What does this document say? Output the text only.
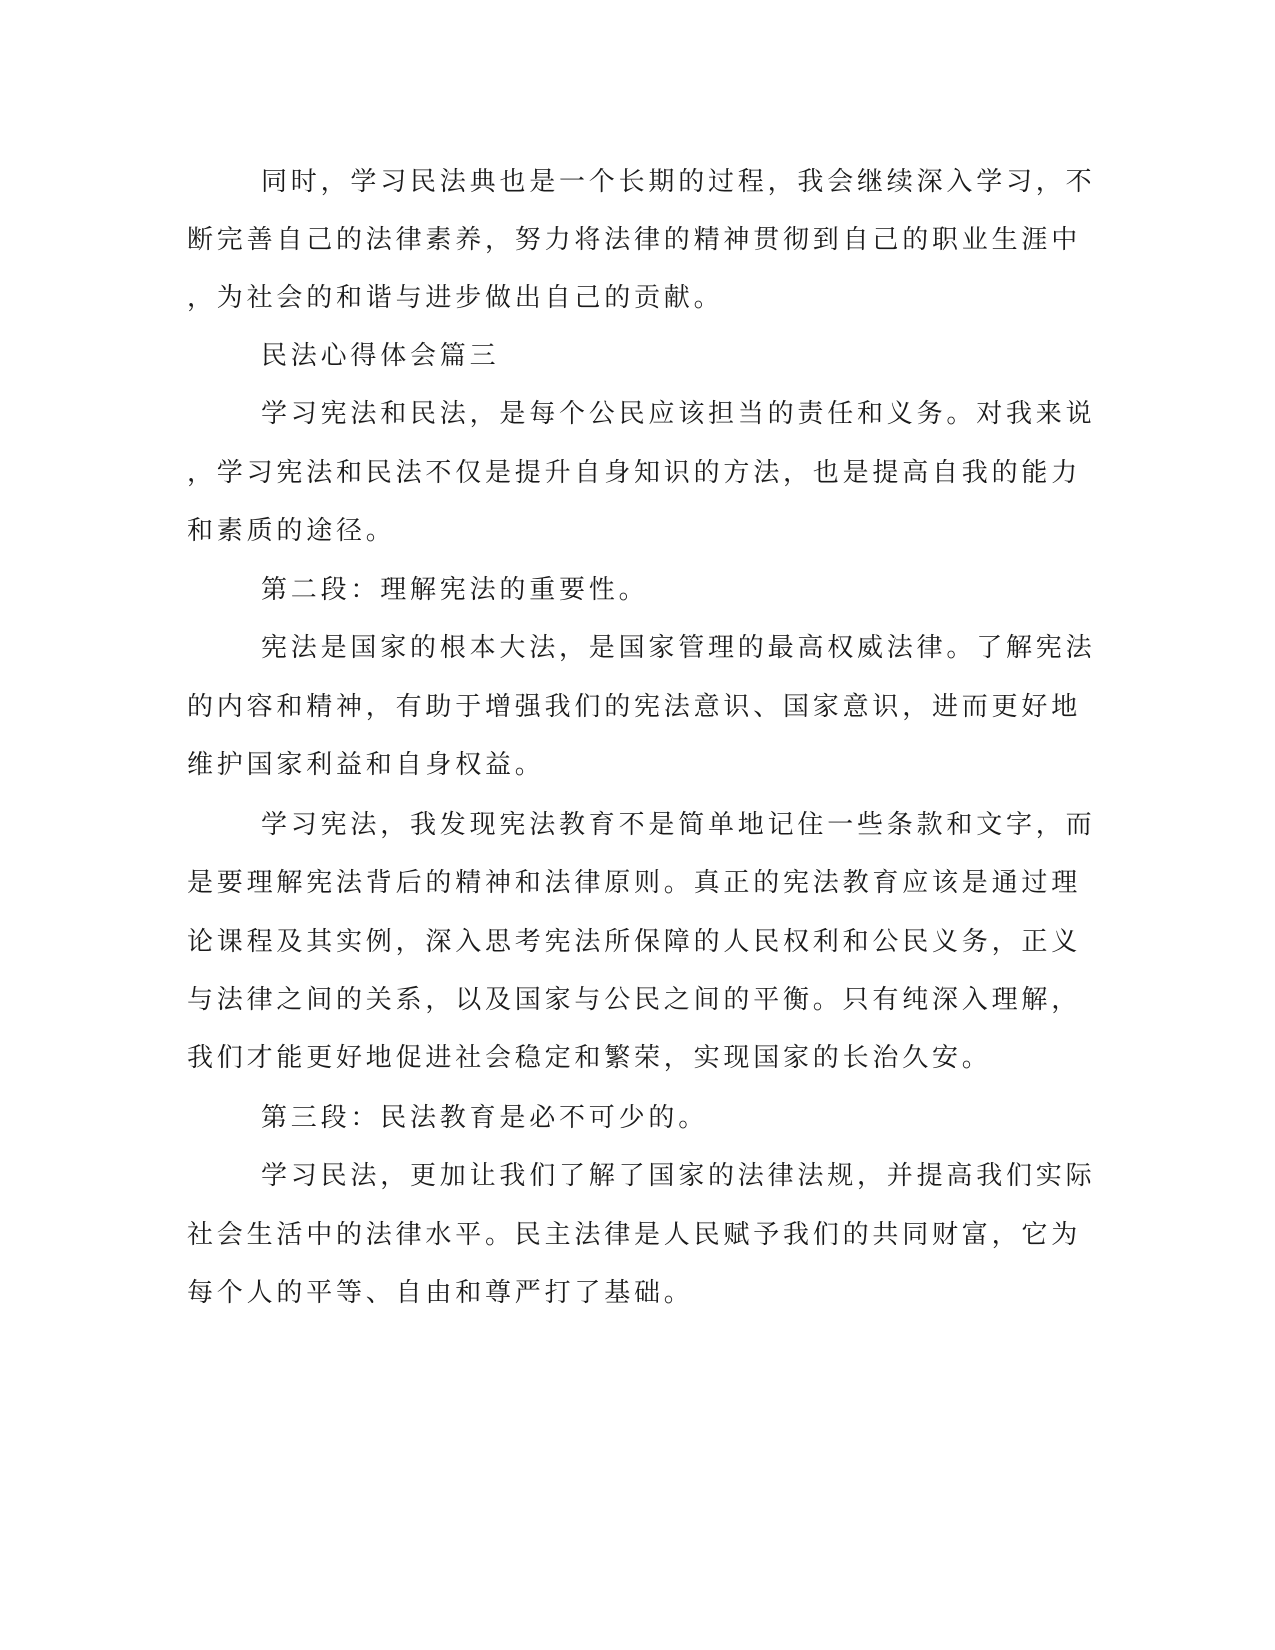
同时，学习民法典也是一个长期的过程，我会继续深入学习，不
断完善自己的法律素养，努力将法律的精神贯彻到自己的职业生涯中
，为社会的和谐与进步做出自己的贡献。
民法心得体会篇三
学习宪法和民法，是每个公民应该担当的责任和义务。对我来说
，学习宪法和民法不仅是提升自身知识的方法，也是提高自我的能力
和素质的途径。
第二段：理解宪法的重要性。
宪法是国家的根本大法，是国家管理的最高权威法律。了解宪法
的内容和精神，有助于增强我们的宪法意识、国家意识，进而更好地
维护国家利益和自身权益。
学习宪法，我发现宪法教育不是简单地记住一些条款和文字，而
是要理解宪法背后的精神和法律原则。真正的宪法教育应该是通过理
论课程及其实例，深入思考宪法所保障的人民权利和公民义务，正义
与法律之间的关系，以及国家与公民之间的平衡。只有纯深入理解，
我们才能更好地促进社会稳定和繁荣，实现国家的长治久安。
第三段：民法教育是必不可少的。
学习民法，更加让我们了解了国家的法律法规，并提高我们实际
社会生活中的法律水平。民主法律是人民赋予我们的共同财富，它为
每个人的平等、自由和尊严打了基础。
